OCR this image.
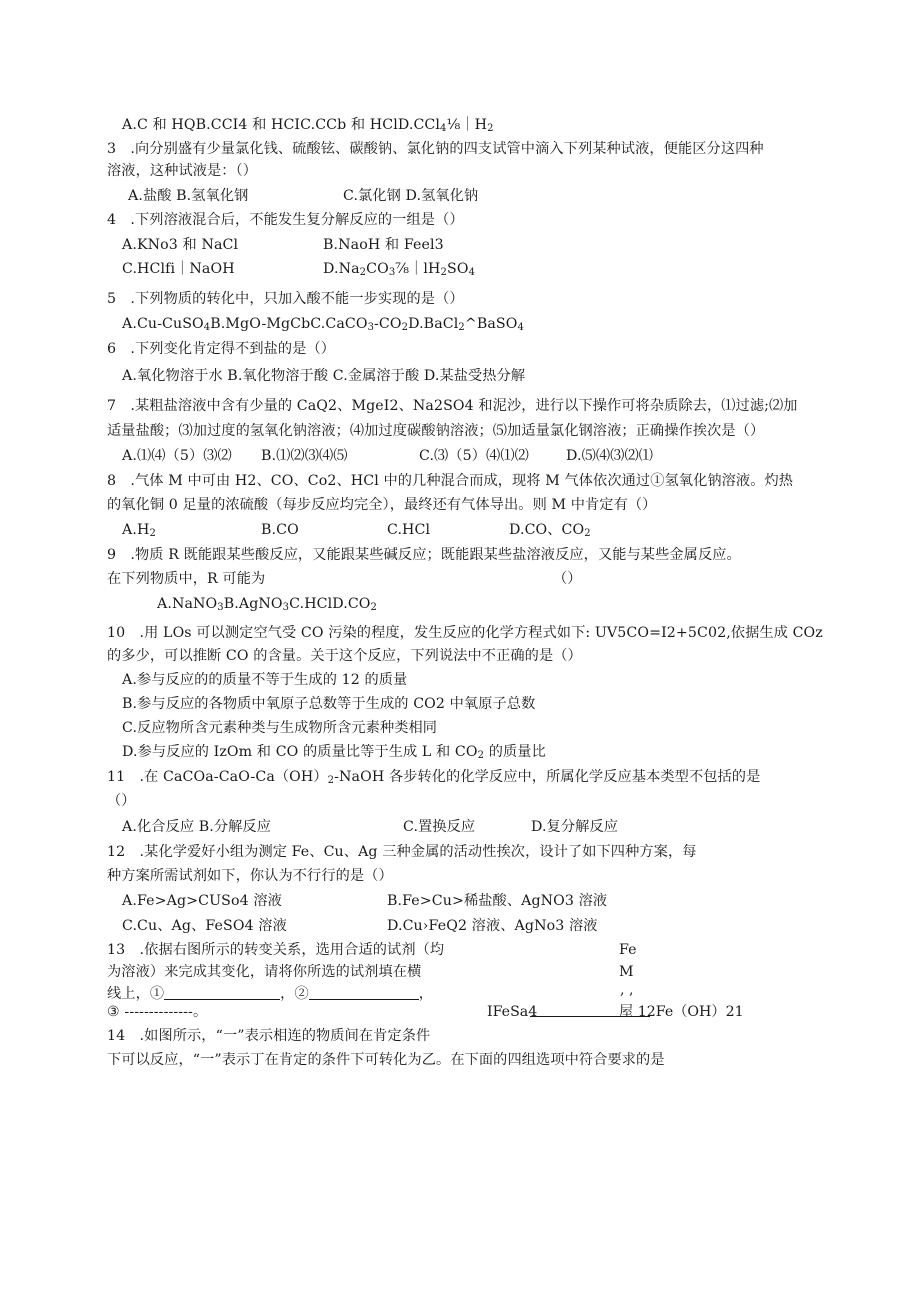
A.C 和 HQB.CCI4 和 HCIC.CCb 和 $HClD.CCl_4\frac{1}{8}|H_2$
3　.向分别盛有少量氯化钱、硫酸铉、碳酸钠、氯化钠的四支试管中滴入下列某种试液，便能区分这四种
溶液，这种试液是：（）
A.盐酸 B.氢氧化钢	C.氯化钢 D.氢氧化钠
4　.下列溶液混合后，不能发生复分解反应的一组是（）
A.KNo3 和 NaCl	B.NaoH 和 Feel3
C.HClfi｜NaOH	$D.Na_2CO_3\frac{7}{8}|lH_2SO_4$
5　.下列物质的转化中，只加入酸不能一步实现的是（）
$A.Cu-CuSO_4B.MgO-MgCbC.CaCO_3-CO_2D.BaCl_2\^{}BaSO_4$
6　.下列变化肯定得不到盐的是（）
A.氧化物溶于水 B.氧化物溶于酸 C.金属溶于酸 D.某盐受热分解
7　.某粗盐溶液中含有少量的 CaQ2、MgeI2、Na2SO4 和泥沙，进行以下操作可将杂质除去，⑴过滤;⑵加
适量盐酸；⑶加过度的氢氧化钠溶液；⑷加过度碳酸钠溶液；⑸加适量氯化钢溶液；正确操作挨次是（）
A.⑴⑷（5）⑶⑵ B.⑴⑵⑶⑷⑸	C.⑶（5）⑷⑴⑵	D.⑸⑷⑶⑵⑴
8　.气体 M 中可由 H2、CO、Co2、HCl 中的几种混合而成，现将 M 气体依次通过①氢氧化钠溶液。灼热
的氧化铜 0 足量的浓硫酸（每步反应均完全），最终还有气体导出。则 M 中肯定有（）
$A.H_2$	B.CO	C.HCl	D.CO、$CO_2$
9　.物质 R 既能跟某些酸反应，又能跟某些碱反应；既能跟某些盐溶液反应，又能与某些金属反应。
在下列物质中，R 可能为	（）
$A.NaNO_3B.AgNO_3C.HClD.CO_2$
10　.用 LOs 可以测定空气受 CO 污染的程度，发生反应的化学方程式如下: UV5CO=I2+5C02,依据生成 COz
的多少，可以推断 CO 的含量。关于这个反应，下列说法中不正确的是（）
A.参与反应的的质量不等于生成的 12 的质量
B.参与反应的各物质中氧原子总数等于生成的 CO2 中氧原子总数
C.反应物所含元素种类与生成物所含元素种类相同
D.参与反应的 IzOm 和 CO 的质量比等于生成 L 和 $CO_2$ 的质量比
11　.在 CaCOa-$CaO-Ca(OH)_2$-NaOH 各步转化的化学反应中，所属化学反应基本类型不包括的是
（）
A.化合反应 B.分解反应	C.置换反应	D.复分解反应
12　.某化学爱好小组为测定 Fe、Cu、Ag 三种金属的活动性挨次，设计了如下四种方案，每
种方案所需试剂如下，你认为不行行的是（）
A.Fe>Ag>CUSo4 溶液	B.Fe>Cu>稀盐酸、AgNO3 溶液
C.Cu、Ag、FeSO4 溶液	D.Cu›FeQ2 溶液、AgNo3 溶液
13　.依据右图所示的转变关系，选用合适的试剂（均
为溶液）来完成其变化，请将你所选的试剂填在横
线上，①	，②	，
③ --------------。
Fe
M
, ,
IFeSa4	屋 12Fe（OH）21
14　.如图所示，“一”表示相连的物质间在肯定条件
下可以反应，“一”表示丁在肯定的条件下可转化为乙。在下面的四组选项中符合要求的是
